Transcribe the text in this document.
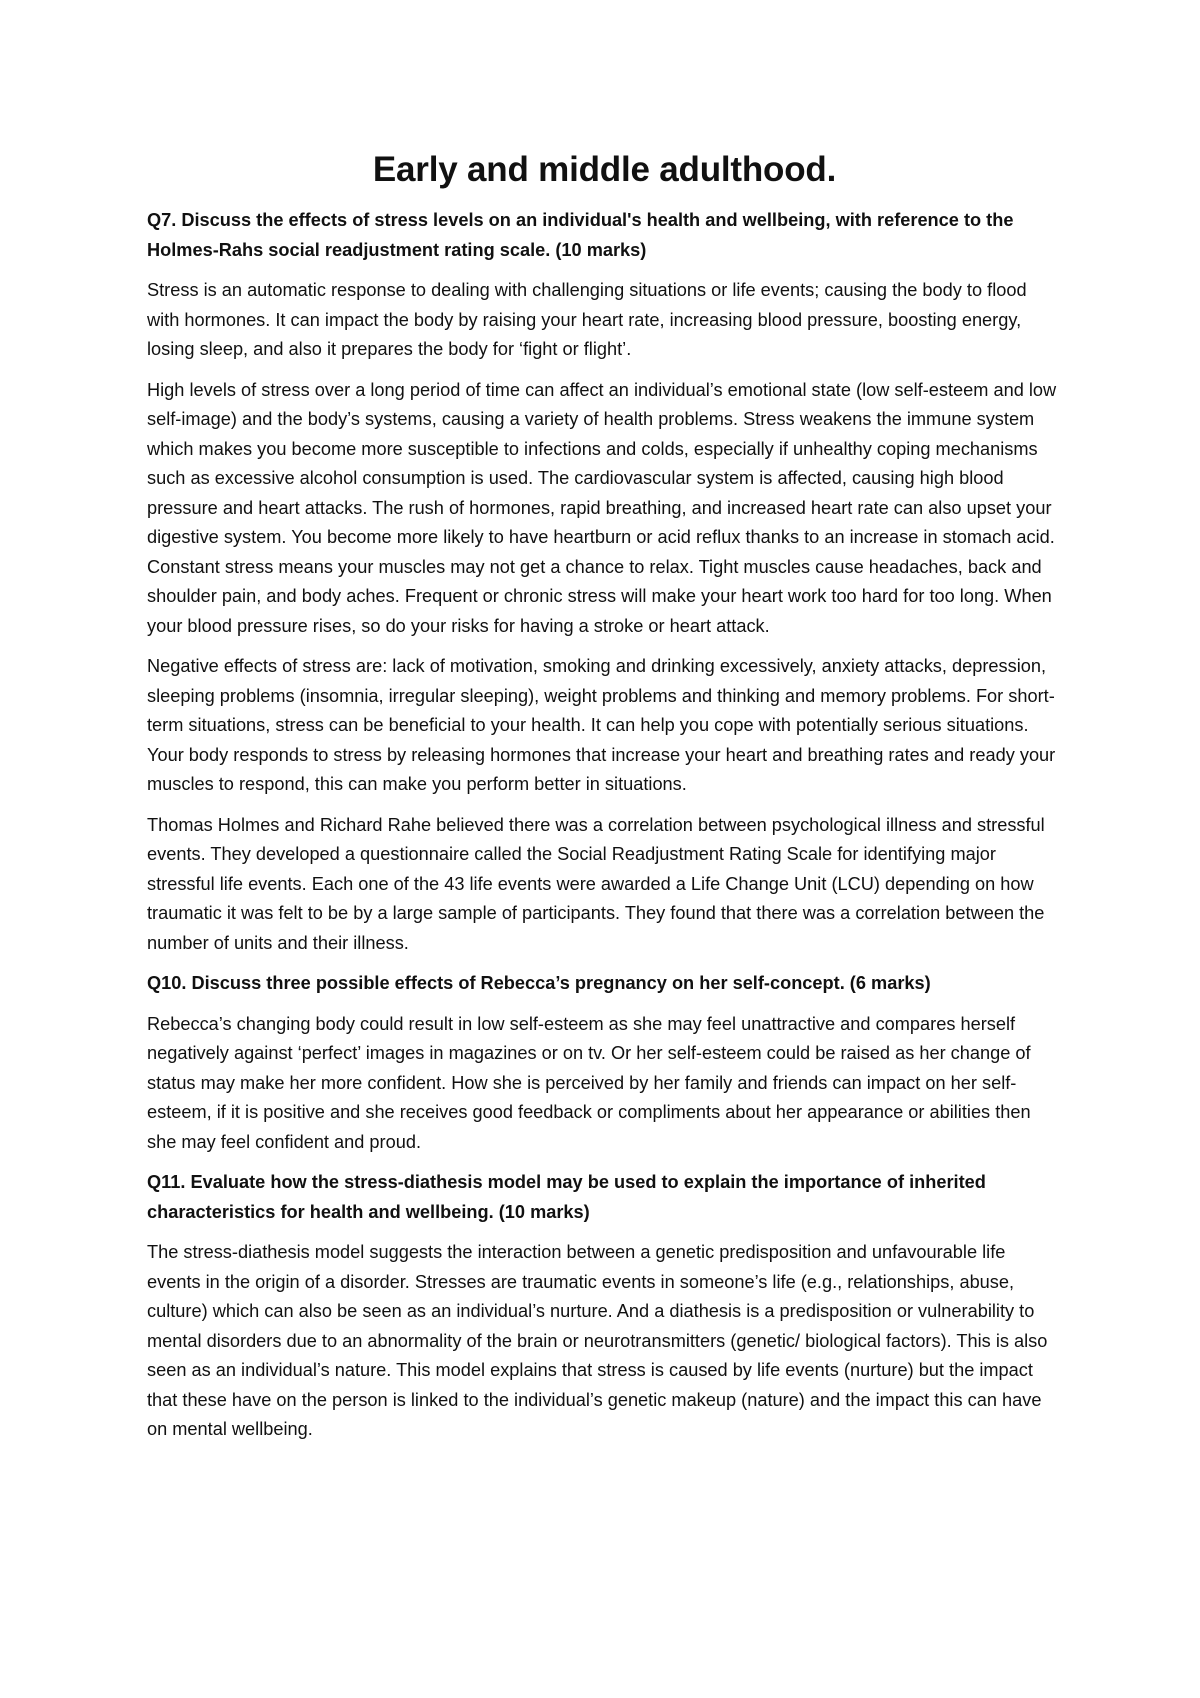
Early and middle adulthood.

Q7. Discuss the effects of stress levels on an individual's health and wellbeing, with reference to the Holmes-Rahs social readjustment rating scale. (10 marks)

Stress is an automatic response to dealing with challenging situations or life events; causing the body to flood with hormones. It can impact the body by raising your heart rate, increasing blood pressure, boosting energy, losing sleep, and also it prepares the body for ‘fight or flight’.

High levels of stress over a long period of time can affect an individual’s emotional state (low self-esteem and low self-image) and the body’s systems, causing a variety of health problems. Stress weakens the immune system which makes you become more susceptible to infections and colds, especially if unhealthy coping mechanisms such as excessive alcohol consumption is used. The cardiovascular system is affected, causing high blood pressure and heart attacks. The rush of hormones, rapid breathing, and increased heart rate can also upset your digestive system. You become more likely to have heartburn or acid reflux thanks to an increase in stomach acid. Constant stress means your muscles may not get a chance to relax. Tight muscles cause headaches, back and shoulder pain, and body aches. Frequent or chronic stress will make your heart work too hard for too long. When your blood pressure rises, so do your risks for having a stroke or heart attack.

Negative effects of stress are: lack of motivation, smoking and drinking excessively, anxiety attacks, depression, sleeping problems (insomnia, irregular sleeping), weight problems and thinking and memory problems. For short-term situations, stress can be beneficial to your health. It can help you cope with potentially serious situations. Your body responds to stress by releasing hormones that increase your heart and breathing rates and ready your muscles to respond, this can make you perform better in situations.

Thomas Holmes and Richard Rahe believed there was a correlation between psychological illness and stressful events. They developed a questionnaire called the Social Readjustment Rating Scale for identifying major stressful life events. Each one of the 43 life events were awarded a Life Change Unit (LCU) depending on how traumatic it was felt to be by a large sample of participants. They found that there was a correlation between the number of units and their illness.

Q10. Discuss three possible effects of Rebecca’s pregnancy on her self-concept. (6 marks)

Rebecca’s changing body could result in low self-esteem as she may feel unattractive and compares herself negatively against ‘perfect’ images in magazines or on tv. Or her self-esteem could be raised as her change of status may make her more confident. How she is perceived by her family and friends can impact on her self-esteem, if it is positive and she receives good feedback or compliments about her appearance or abilities then she may feel confident and proud.

Q11. Evaluate how the stress-diathesis model may be used to explain the importance of inherited characteristics for health and wellbeing. (10 marks)

The stress-diathesis model suggests the interaction between a genetic predisposition and unfavourable life events in the origin of a disorder. Stresses are traumatic events in someone’s life (e.g., relationships, abuse, culture) which can also be seen as an individual’s nurture. And a diathesis is a predisposition or vulnerability to mental disorders due to an abnormality of the brain or neurotransmitters (genetic/ biological factors). This is also seen as an individual’s nature. This model explains that stress is caused by life events (nurture) but the impact that these have on the person is linked to the individual’s genetic makeup (nature) and the impact this can have on mental wellbeing.
